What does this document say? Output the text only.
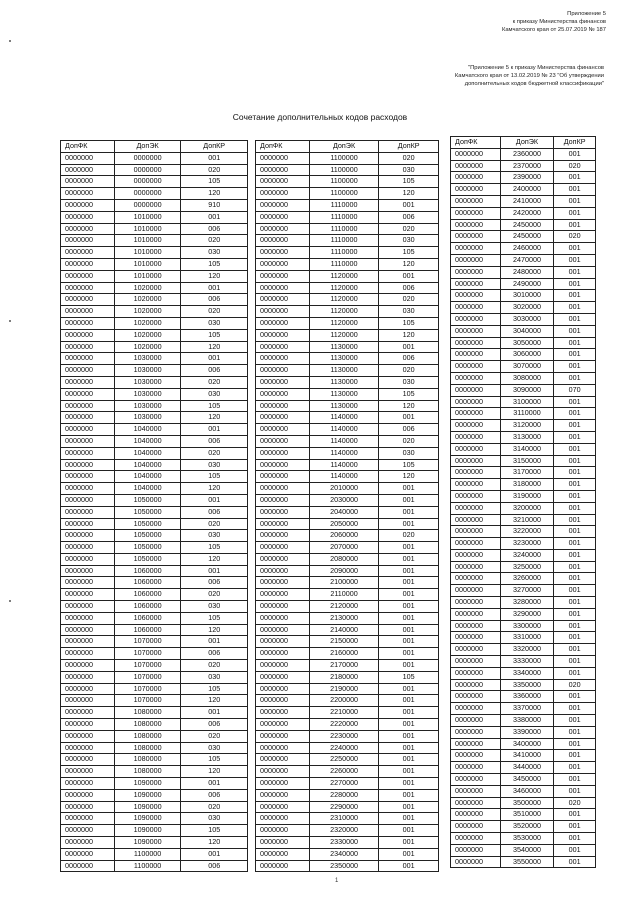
Приложение 5
к приказу Министерства финансов
Камчатского края от 25.07.2019 № 187
"Приложение 5 к приказу Министерства финансов
Камчатского края от 13.02.2019 № 23 "Об утверждении
дополнительных кодов бюджетной классификации"
Сочетание дополнительных кодов расходов
ДопФК	ДопЭК	ДопКР
0000000	0000000	001
0000000	0000000	020
0000000	0000000	105
0000000	0000000	120
0000000	0000000	910
0000000	1010000	001
0000000	1010000	006
0000000	1010000	020
0000000	1010000	030
0000000	1010000	105
0000000	1010000	120
0000000	1020000	001
0000000	1020000	006
0000000	1020000	020
0000000	1020000	030
0000000	1020000	105
0000000	1020000	120
0000000	1030000	001
0000000	1030000	006
0000000	1030000	020
0000000	1030000	030
0000000	1030000	105
0000000	1030000	120
0000000	1040000	001
0000000	1040000	006
0000000	1040000	020
0000000	1040000	030
0000000	1040000	105
0000000	1040000	120
0000000	1050000	001
0000000	1050000	006
0000000	1050000	020
0000000	1050000	030
0000000	1050000	105
0000000	1050000	120
0000000	1060000	001
0000000	1060000	006
0000000	1060000	020
0000000	1060000	030
0000000	1060000	105
0000000	1060000	120
0000000	1070000	001
0000000	1070000	006
0000000	1070000	020
0000000	1070000	030
0000000	1070000	105
0000000	1070000	120
0000000	1080000	001
0000000	1080000	006
0000000	1080000	020
0000000	1080000	030
0000000	1080000	105
0000000	1080000	120
0000000	1090000	001
0000000	1090000	006
0000000	1090000	020
0000000	1090000	030
0000000	1090000	105
0000000	1090000	120
0000000	1100000	001
0000000	1100000	006
ДопФК	ДопЭК	ДопКР
0000000	1100000	020
0000000	1100000	030
0000000	1100000	105
0000000	1100000	120
0000000	1110000	001
0000000	1110000	006
0000000	1110000	020
0000000	1110000	030
0000000	1110000	105
0000000	1110000	120
0000000	1120000	001
0000000	1120000	006
0000000	1120000	020
0000000	1120000	030
0000000	1120000	105
0000000	1120000	120
0000000	1130000	001
0000000	1130000	006
0000000	1130000	020
0000000	1130000	030
0000000	1130000	105
0000000	1130000	120
0000000	1140000	001
0000000	1140000	006
0000000	1140000	020
0000000	1140000	030
0000000	1140000	105
0000000	1140000	120
0000000	2010000	001
0000000	2030000	001
0000000	2040000	001
0000000	2050000	001
0000000	2060000	020
0000000	2070000	001
0000000	2080000	001
0000000	2090000	001
0000000	2100000	001
0000000	2110000	001
0000000	2120000	001
0000000	2130000	001
0000000	2140000	001
0000000	2150000	001
0000000	2160000	001
0000000	2170000	001
0000000	2180000	105
0000000	2190000	001
0000000	2200000	001
0000000	2210000	001
0000000	2220000	001
0000000	2230000	001
0000000	2240000	001
0000000	2250000	001
0000000	2260000	001
0000000	2270000	001
0000000	2280000	001
0000000	2290000	001
0000000	2310000	001
0000000	2320000	001
0000000	2330000	001
0000000	2340000	001
0000000	2350000	001
ДопФК	ДопЭК	ДопКР
0000000	2360000	001
0000000	2370000	020
0000000	2390000	001
0000000	2400000	001
0000000	2410000	001
0000000	2420000	001
0000000	2450000	001
0000000	2450000	020
0000000	2460000	001
0000000	2470000	001
0000000	2480000	001
0000000	2490000	001
0000000	3010000	001
0000000	3020000	001
0000000	3030000	001
0000000	3040000	001
0000000	3050000	001
0000000	3060000	001
0000000	3070000	001
0000000	3080000	001
0000000	3090000	070
0000000	3100000	001
0000000	3110000	001
0000000	3120000	001
0000000	3130000	001
0000000	3140000	001
0000000	3150000	001
0000000	3170000	001
0000000	3180000	001
0000000	3190000	001
0000000	3200000	001
0000000	3210000	001
0000000	3220000	001
0000000	3230000	001
0000000	3240000	001
0000000	3250000	001
0000000	3260000	001
0000000	3270000	001
0000000	3280000	001
0000000	3290000	001
0000000	3300000	001
0000000	3310000	001
0000000	3320000	001
0000000	3330000	001
0000000	3340000	001
0000000	3350000	020
0000000	3360000	001
0000000	3370000	001
0000000	3380000	001
0000000	3390000	001
0000000	3400000	001
0000000	3410000	001
0000000	3440000	001
0000000	3450000	001
0000000	3460000	001
0000000	3500000	020
0000000	3510000	001
0000000	3520000	001
0000000	3530000	001
0000000	3540000	001
0000000	3550000	001
1
